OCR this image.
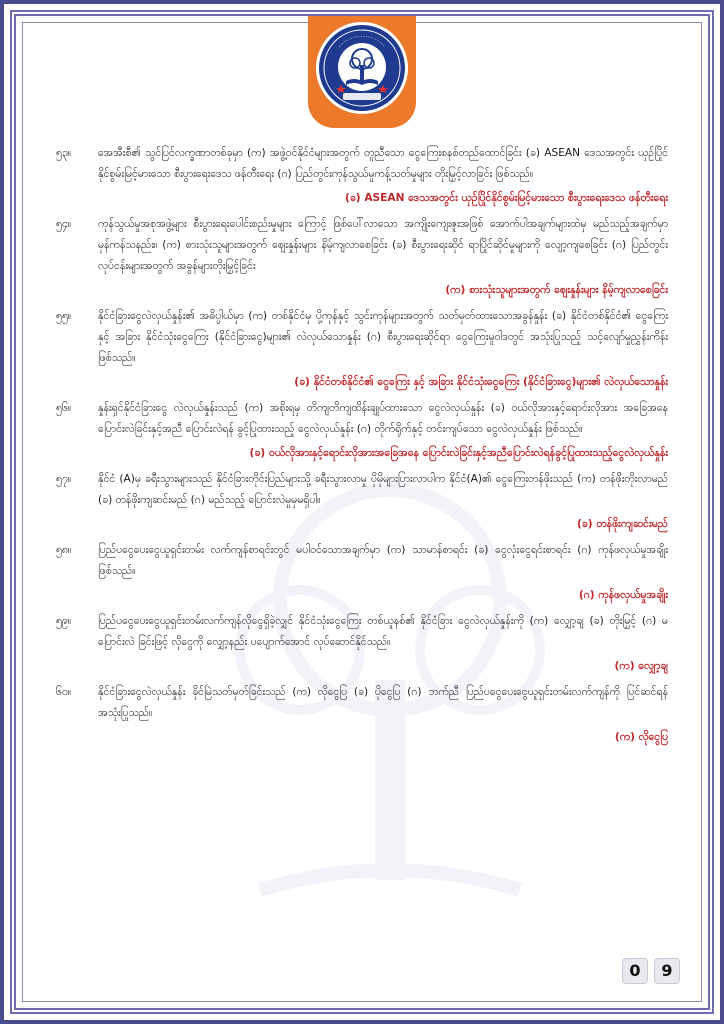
၅၃။	အေအီးစီ၏ သွင်ပြင်လက္ခဏာတစ်ခုမှာ (က) အဖွဲ့ဝင်နိုင်ငံများအတွက် တူညီသော ငွေကြေးစနစ်တည်ထောင်ခြင်း (ခ) ASEAN ဒေသအတွင်း ယှဉ်ပြိုင်နိုင်စွမ်းမြင့်မားသော စီးပွားရေးဒေသ ဖန်တီးရေး (ဂ) ပြည်တွင်းကုန်သွယ်မှုကန့်သတ်မှုများ တိုးမြှင့်လာခြင်း ဖြစ်သည်။
(ခ) ASEAN ဒေသအတွင်း ယှဉ်ပြိုင်နိုင်စွမ်းမြင့်မားသော စီးပွားရေးဒေသ ဖန်တီးရေး
၅၄။	ကုန်သွယ်မှုအစုအဖွဲ့များ စီးပွားရေးပေါင်းစည်းမှုများ ကြောင့် ဖြစ်ပေါ်လာသော အကျိုးကျေးဇူးအဖြစ် အောက်ပါအချက်များထဲမှ မည်သည့်အချက်မှာ မှန်ကန်သနည်း။ (က) စားသုံးသူများအတွက် ဈေးနှုန်းများ နိမ့်ကျလာစေခြင်း (ခ) စီးပွားရေးဆိုင် ရာပြိုင်ဆိုင်မှုများကို လျော့ကျစေခြင်း (ဂ) ပြည်တွင်းလုပ်ငန်းများအတွက် အခွန်များတိုးမြှင့်ခြင်း
(က) စားသုံးသူများအတွက် ဈေးနှုန်းများ နိမ့်ကျလာစေခြင်း
၅၅။	နိုင်ငံခြားငွေလဲလှယ်နှုန်း၏ အဓိပ္ပါယ်မှာ (က) တစ်နိုင်ငံမှ ပို့ကုန်နှင့် သွင်းကုန်များအတွက် သတ်မှတ်ထားသောအခွန်နှုန်း (ခ) နိုင်ငံတစ်နိုင်ငံ၏ ငွေကြေး နှင့် အခြား နိုင်ငံသုံးငွေကြေး (နိုင်ငံခြားငွေ)များ၏ လဲလှယ်သောနှုန်း (ဂ) စီးပွားရေးဆိုင်ရာ ငွေကြေးမူဝါဒတွင် အသုံးပြုသည့် သင့်လျော်မှုညွှန်းကိန်း ဖြစ်သည်။
(ခ) နိုင်ငံတစ်နိုင်ငံ၏ ငွေကြေး နှင့် အခြား နိုင်ငံသုံးငွေကြေး (နိုင်ငံခြားငွေ)များ၏ လဲလှယ်သောနှုန်း
၅၆။	နှုန်းရှင်နိုင်ငံခြားငွေ လဲလှယ်နှုန်းသည် (က) အစိုးရမှ တိကျတိကျထိန်းချုပ်ထားသော ငွေလဲလှယ်နှုန်း (ခ) ဝယ်လိုအားနှင့်ရောင်းလိုအား အခြေအနေ ပြောင်းလဲခြင်းနှင့်အညီ ပြောင်းလဲရန် ခွင့်ပြုထားသည့် ငွေလဲလှယ်နှုန်း (ဂ) တိုက်ရိုက်နှင့် တင်းကျပ်သော ငွေလဲလှယ်နှုန်း ဖြစ်သည်။
(ခ) ဝယ်လိုအားနှင့်ရောင်းလိုအားအခြေအနေ ပြောင်းလဲခြင်းနှင့်အညီပြောင်းလဲရန်ခွင့်ပြုထားသည့်ငွေလဲလှယ်နှုန်း
၅၇။	နိုင်ငံ (A)မှ ခရီးသွားများသည် နိုင်ငံခြားတိုင်းပြည်များသို့ ခရီးသွားလာမှု ပိုမိုများပြားလာပါက နိုင်ငံ(A)၏ ငွေကြေးတန်ဖိုးသည် (က) တန်ဖိုးတိုးလာမည် (ခ) တန်ဖိုးကျဆင်းမည် (ဂ) မည်သည့် ပြောင်းလဲမှုမှမရှိပါ။
(ခ) တန်ဖိုးကျဆင်းမည်
၅၈။	ပြည်ပငွေပေးငွေယူရှင်းတမ်း လက်ကျန်စာရင်းတွင် မပါဝင်သောအချက်မှာ (က) သာမာန်စာရင်း (ခ) ငွေလုံးငွေရင်းစာရင်း (ဂ) ကုန်ဖလှယ်မှုအချိုး ဖြစ်သည်။
(ဂ) ကုန်ဖလှယ်မှုအချိုး
၅၉။	ပြည်ပငွေပေးငွေယူရှင်းတမ်းလက်ကျန်လိုငွေရှိခဲ့လျှင် နိုင်ငံသုံးငွေကြေး တစ်ယူနစ်၏ နိုင်ငံခြား ငွေလဲလှယ်နှုန်းကို (က) လျှော့ချ (ခ) တိုးမြှင့် (ဂ) မပြောင်းလဲ ခြင်းဖြင့် လိုငွေကို လျှော့နည်း ပပျောက်အောင် လုပ်ဆောင်နိုင်သည်။
(က) လျှော့ချ
၆၀။	နိုင်ငံခြားငွေလဲလှယ်နှုန်း ခိုင်မြဲသတ်မှတ်ခြင်းသည် (က) လိုငွေပြ (ခ) ပိုငွေပြ (ဂ) ဘက်ညီ ပြည်ပငွေပေးငွေယူရှင်းတမ်းလက်ကျန်ကို ပြင်ဆင်ရန် အသုံးပြုသည်။
(က) လိုငွေပြ
0	9
